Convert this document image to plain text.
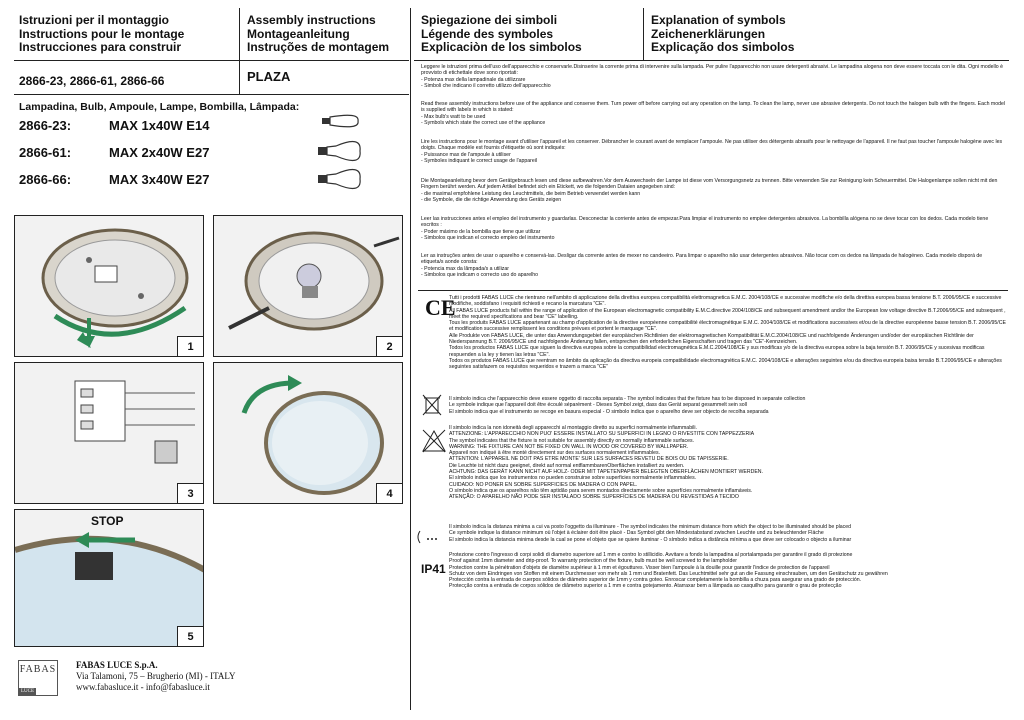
Istruzioni per il montaggio
Instructions pour le montage
Instrucciones para construir
Assembly instructions
Montageanleitung
Instruções de montagem
Spiegazione dei simboli
Légende des symboles
Explicaciòn de los simbolos
Explanation of symbols
Zeichenerklärungen
Explicação dos simbolos
2866-23, 2866-61, 2866-66	PLAZA
Lampadina, Bulb, Ampoule, Lampe, Bombilla, Lâmpada:
2866-23:	MAX 1x40W E14
2866-61:	MAX 2x40W E27
2866-66:	MAX 3x40W E27
1	2
3	4
STOP
5
FABAS
LUCE
FABAS LUCE S.p.A.
Via Talamoni, 75 – Brugherio (MI) - ITALY
www.fabasluce.it - info@fabasluce.it

Leggere le istruzioni prima dell'uso dell'apparecchio e conservarle.Disinserire la corrente prima di intervenire sulla lampada. Per pulire l'apparecchio non usare detergenti abrasivi. Le lampadina alogena non deve essere toccata con le dita. Ogni modello è provvisto di etichettale dove sono riportati:

- Potenza max della lampadinale da utilizzare

- Simboli che indicano il corretto utilizzo dell'apparecchio

Read these assembly instructions before use of the appliance and conserve them. Turn power off before carrying out any operation on the lamp. To clean the lamp, never use abrasive detergents. Do not touch the halogen bulb with the fingers. Each model is supplied with labels in which is stated:

- Max bulb's watt to be used

- Symbols which state the correct use of the appliance

Lire les instructions pour le montage avant d'utiliser l'appareil et les conserver. Débrancher le courant avant de remplacer l'ampoule. Ne pas utiliser des détergents abrasifs pour le nettoyage de l'appareil. Il ne faut pas toucher l'ampoule halogène avec les doigts. Chaque modèle est fournis d'étiquette où sont indiqués:

- Puissance max de l'ampoule à utiliser

- Symboles indiquant le correct usage de l'appareil

Die Montageanleitung bevor dem Gerätgebrauch lesen und diese aufbewahren.Vor dem Auswechseln der Lampe ist diese vom Versorgungsnetz zu trennen. Bitte verwenden Sie zur Reinigung kein Scheuermittel. Die Halogenlampe sollen nicht mit den Fingern berührt werden. Auf jedem Artikel befindet sich ein Etickett, wo die folgenden Dataien angegeben sind:

- die maximal empfohlene Leistung des Leuchtmittels, die beim Betrieb verwendet werden kann

- die Symbole, die die richtige Anwendung des Geräts zeigen

Leer las instrucciones antes el empleo del instrumento y guardarlas. Desconectar la corriente antes de empezar.Para limpiar el instrumento no emplee detergentes abrasivos. La bombilla alógena no se deve tocar con los dedos. Cada modelo tiene escritos :

- Poder máximo de la bombilla que tiene que utilizar

- Simbolos que indican el correcto empleo del instrumento

Ler as instruções antes de usar o aparelho e conservá-las. Desligar da corrente antes de mexer no candeeiro. Para limpar o aparelho não usar detergentes abrasivos. Não tocar com os dedos na lâmpada de halogéneo. Cada modelo disporá de etiqueta/s aonde consta:

- Potencia max da lâmpada/s a utilizar

- Simbolos que indicam o correcto uso do aparelho

CE

Tutti i prodotti FABAS LUCE che rientrano nell'ambito di applicazione della direttiva europea compatibilità elettromagnetica E.M.C. 2004/108/CE e successive modifiche e/o della direttiva europea bassa tensione B.T. 2006/95/CE e successive modifiche, soddisfano i requisiti richiesti e recano la marcatura "CE".

All FABAS LUCE products fall within the range of application of the European electromagnetic compatibility E.M.C.directive 2004/108/CE and subsequent amendment and/or the European low voltage directive B.T.2006/95/CE and subsequent , meet the required specifications and bear "CE" labelling.

Tous les produits FABAS LUCE appartenant au champ d'application de la directive européenne compatibilité électromagnétique E.M.C. 2004/108/CE et modifications successives et/ou de la directive européenne basse tension B.T. 2006/95/CE et modification successive remplissent les conditions prévues et portent le marquage "CE".

Alle Produkte von FABAS LUCE, die unter das Anwendungsgebiet der europäischen Richtlinien der elektromagnetischen Kompatibilität E.M.C.2004/108/CE und nachfolgende Änderungen und/oder der europäischen Richtlinie der Niederspannung B.T. 2006/95/CE und nachfolgende Änderung fallen, entsprechen den erforderlichen Eigenschaften und tragen das "CE"-Kennzeichen.

Todos los productos FABAS LUCE que siguen la directiva europea sobre la compatibilidad electromagnética E.M.C.2004/108/CE y sus modificas y/o de la directiva europea sobre la baja tensión B.T. 2006/95/CE y sucesivas modificas respuenden a la ley y tienen las letras "CE".

Todos os produtos FABAS LUCE que reentram no âmbito da aplicação da directiva europeia compatibilidade electromagnética E.M.C. 2004/108/CE e alterações seguintes e/ou da directiva europeia baixa tensão B.T.2006/95/CE e alterações seguintes satisfazem os requisitos requeridos e trazem a marca "CE"

Il simbolo indica che l'apparecchio deve essere oggetto di raccolta separata - The symbol indicates that the fixture has to be disposed in separate collection

Le symbole indique que l'appareil doit être écoulé séparément - Dieses Symbol zeigt, dass das Gerät separat gesammelt sein soll

El simbolo indica que el instrumento se recoge en basura especial - O simbolo indica que o aparelho deve ser objecto de recolha separada

Il simbolo indica la non idoneità degli apparecchi al montaggio diretto su superfici normalmente infiammabili.

ATTENZIONE: L'APPARECCHIO NON PUO' ESSERE INSTALLATO SU SUPERFICI IN LEGNO O RIVESTITE CON TAPPEZZERIA

The symbol indicates that the fixture is not suitable for assembly directly on normally inflammable surfaces.

WARNING: THE FIXTURE CAN NOT BE FIXED ON WALL IN WOOD OR COVERED BY WALLPAPER.

Appareil non indiqué à être monté directement sur des surfaces normalement inflammables.

ATTENTION: L'APPAREIL NE DOIT PAS ETRE MONTE' SUR LES SURFACES REVETU DE BOIS OU DE TAPISSERIE.

Die Leuchte ist nicht dazu geeignet, direkt auf normal entflammbarenOberflächen installiert zu werden.

ACHTUNG: DAS GERÄT KANN NICHT AUF HOLZ- ODER MIT TAPETENPAPIER BELEGTEN OBERFLÄCHEN MONTIERT WERDEN.

El símbolo indica que los instrumentos no pueden construirse sobre superficies normalmente inflammables.

CUIDADO: NO PONER EN SOBRE SUPERFICIES DE MADERA O CON PAPEL.

O símbolo indica que os aparelhos não têm aptidão para serem montados directamente sobre superfícies normalmente inflamáveis.

ATENÇÃO: O APARELHO NÃO PODE SER INSTALADO SOBRE SUPERFÍCIES DE MADEIRA OU REVESTIDAS A TECIDO

Il simbolo indica la distanza minima a cui va posto l'oggetto da illuminare - The symbol indicates the minimum distance from which the object to be illuminated should be placed

Ce symbole indique la distance minimum où l'objet à éclairer doit être placé - Das Symbol gibt den Mindestabstand zwischen Leuchte und zu beleuchtender Fläche

El simbolo indica la distancia minima desde la cual se pone el objeto que se quiere iluminar - O símbolo indica a distância mínima a que deve ser colocado o objecto a iluminar

IP41

Protezione contro l'ingresso di corpi solidi di diametro superiore ad 1 mm e contro lo stillicidio. Avvitare a fondo la lampadina al portalampada per garantire il grado di protezione

Proof against 1mm diameter and drip-proof. To warranty protection of the fixture, bulb must be well screwed to the lampholder

Protection contre la pénétration d'objets de diamètre supérieur à 1 mm et égouttures. Visser bien l'ampoule à la douille pour garantir l'indice de protection de l'appareil

Schutz von dem Eindringen von Stoffen mit einem Durchmesser von mehr als 1 mm und Bratenfett. Das Leuchtmittel sehr gut an die Fassung einschrauben, um den Gerätschutz zu gewähren

Protección contra la entrada de cuerpos sólidos de diámetro superior de 1mm y contra goteo. Enroscar completamente la bombilla a chuza para asegurar una grado de protección.

Protecção contra a entrada de corpos sólidos de diâmetro superior a 1 mm e contra gotejamento. Atarraxar bem a lâmpada ao casquilho para garantir o grau de protecção
